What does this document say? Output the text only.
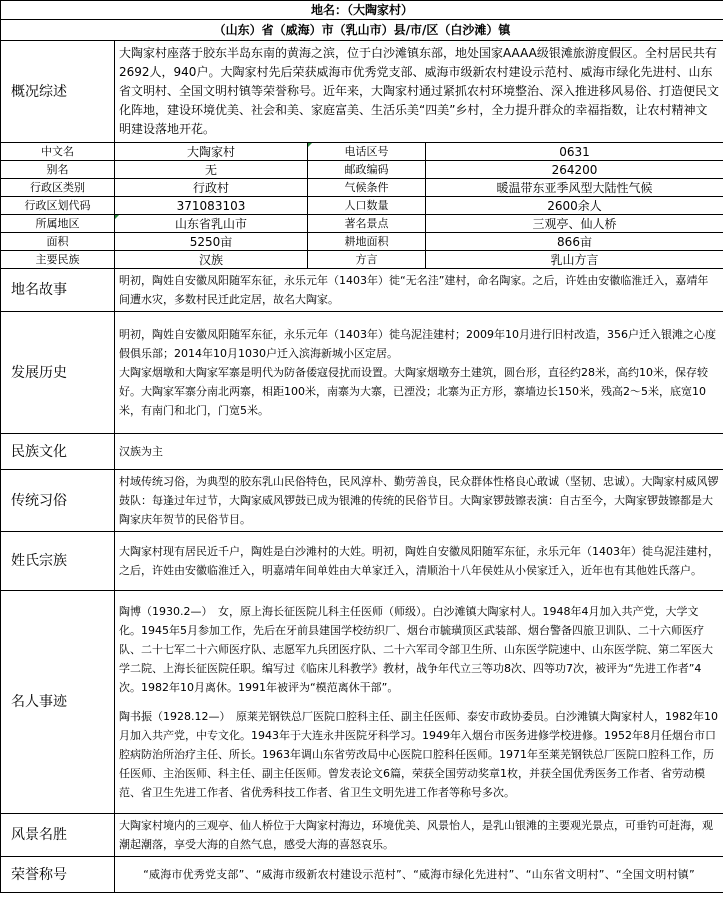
地名：（大陶家村）			
（山东）省（威海）市（乳山市）县/市/区（白沙滩）镇			

概况综述	大陶家村座落于胶东半岛东南的黄海之滨，位于白沙滩镇东部，地处国家AAAA级银滩旅游度假区。全村居民共有2692人，940户。大陶家村先后荣获威海市优秀党支部、威海市级新农村建设示范村、威海市绿化先进村、山东省文明村、全国文明村镇等荣誉称号。近年来，大陶家村通过紧抓农村环境整治、深入推进移风易俗、打造便民文化阵地，建设环境优美、社会和美、家庭富美、生活乐美“四美”乡村，全力提升群众的幸福指数，让农村精神文明建设落地开花。		
中文名	大陶家村	电话区号	0631
别名	无	邮政编码	264200
行政区类别	行政村	气候条件	暖温带东亚季风型大陆性气候
行政区划代码	371083103	人口数量	2600余人
所属地区	山东省乳山市	著名景点	三观亭、仙人桥
面积	5250亩	耕地面积	866亩
主要民族	汉族	方言	乳山方言

地名故事	明初，陶姓自安徽凤阳随军东征，永乐元年（1403年）徙“无名洼”建村，命名陶家。之后，许姓由安徽临淮迁入，嘉靖年间遭水灾，多数村民迁此定居，故名大陶家。		

发展历史	明初，陶姓自安徽凤阳随军东征，永乐元年（1403年）徙乌泥洼建村；2009年10月进行旧村改造，356户迁入银滩之心度假俱乐部；2014年10月1030户迁入滨海新城小区定居。

大陶家烟墩和大陶家军寨是明代为防备倭寇侵扰而设置。大陶家烟墩夯土建筑，圆台形，直径约28米，高约10米，保存较好。大陶家军寨分南北两寨，相距100米，南寨为大寨，已湮没；北寨为正方形，寨墙边长150米，残高2～5米，底宽10米，有南门和北门，门宽5米。		

民族文化	汉族为主		

传统习俗	村域传统习俗，为典型的胶东乳山民俗特色，民风淳朴、勤劳善良，民众群体性格良心敢诚（坚韧、忠诚）。大陶家村威风锣鼓队：每逢过年过节，大陶家威风锣鼓已成为银滩的传统的民俗节目。大陶家锣鼓镲表演：自古至今，大陶家锣鼓镲都是大陶家庆年贺节的民俗节目。		

姓氏宗族	大陶家村现有居民近千户，陶姓是白沙滩村的大姓。明初，陶姓自安徽凤阳随军东征，永乐元年（1403年）徙乌泥洼建村，之后，许姓由安徽临淮迁入，明嘉靖年间单姓由大单家迁入，清顺治十八年侯姓从小侯家迁入，近年也有其他姓氏落户。		

名人事迹	陶博（1930.2—）　女，原上海长征医院儿科主任医师（师级）。白沙滩镇大陶家村人。1948年4月加入共产党，大学文化。1945年5月参加工作，先后在牙前县建国学校纺织厂、烟台市毓璜顶区武装部、烟台警备四旅卫训队、二十六师医疗队、二十七军二十六师医疗队、志愿军九兵团医疗队、二十六军司令部卫生所、山东医学院速中、山东医学院、第二军医大学二院、上海长征医院任职。编写过《临床儿科教学》教材，战争年代立三等功8次、四等功7次，被评为“先进工作者”4次。1982年10月离休。1991年被评为“模范离休干部”。

陶书振（1928.12—）　原莱芜钢铁总厂医院口腔科主任、副主任医师、泰安市政协委员。白沙滩镇大陶家村人，1982年10月加入共产党，中专文化。1943年于大连永井医院牙科学习。1949年入烟台市医务进修学校进修。1952年8月任烟台市口腔病防治所治疗主任、所长。1963年调山东省劳改局中心医院口腔科任医师。1971年至莱芜钢铁总厂医院口腔科工作，历任医师、主治医师、科主任、副主任医师。曾发表论文6篇，荣获全国劳动奖章1枚，并获全国优秀医务工作者、省劳动模范、省卫生先进工作者、省优秀科技工作者、省卫生文明先进工作者等称号多次。		

风景名胜	大陶家村境内的三观亭、仙人桥位于大陶家村海边，环境优美、风景怡人，是乳山银滩的主要观光景点，可垂钓可赶海，观潮起潮落，享受大海的自然气息，感受大海的喜怒哀乐。		

荣誉称号	“威海市优秀党支部”、“威海市级新农村建设示范村”、“威海市绿化先进村”、“山东省文明村”、“全国文明村镇”		
